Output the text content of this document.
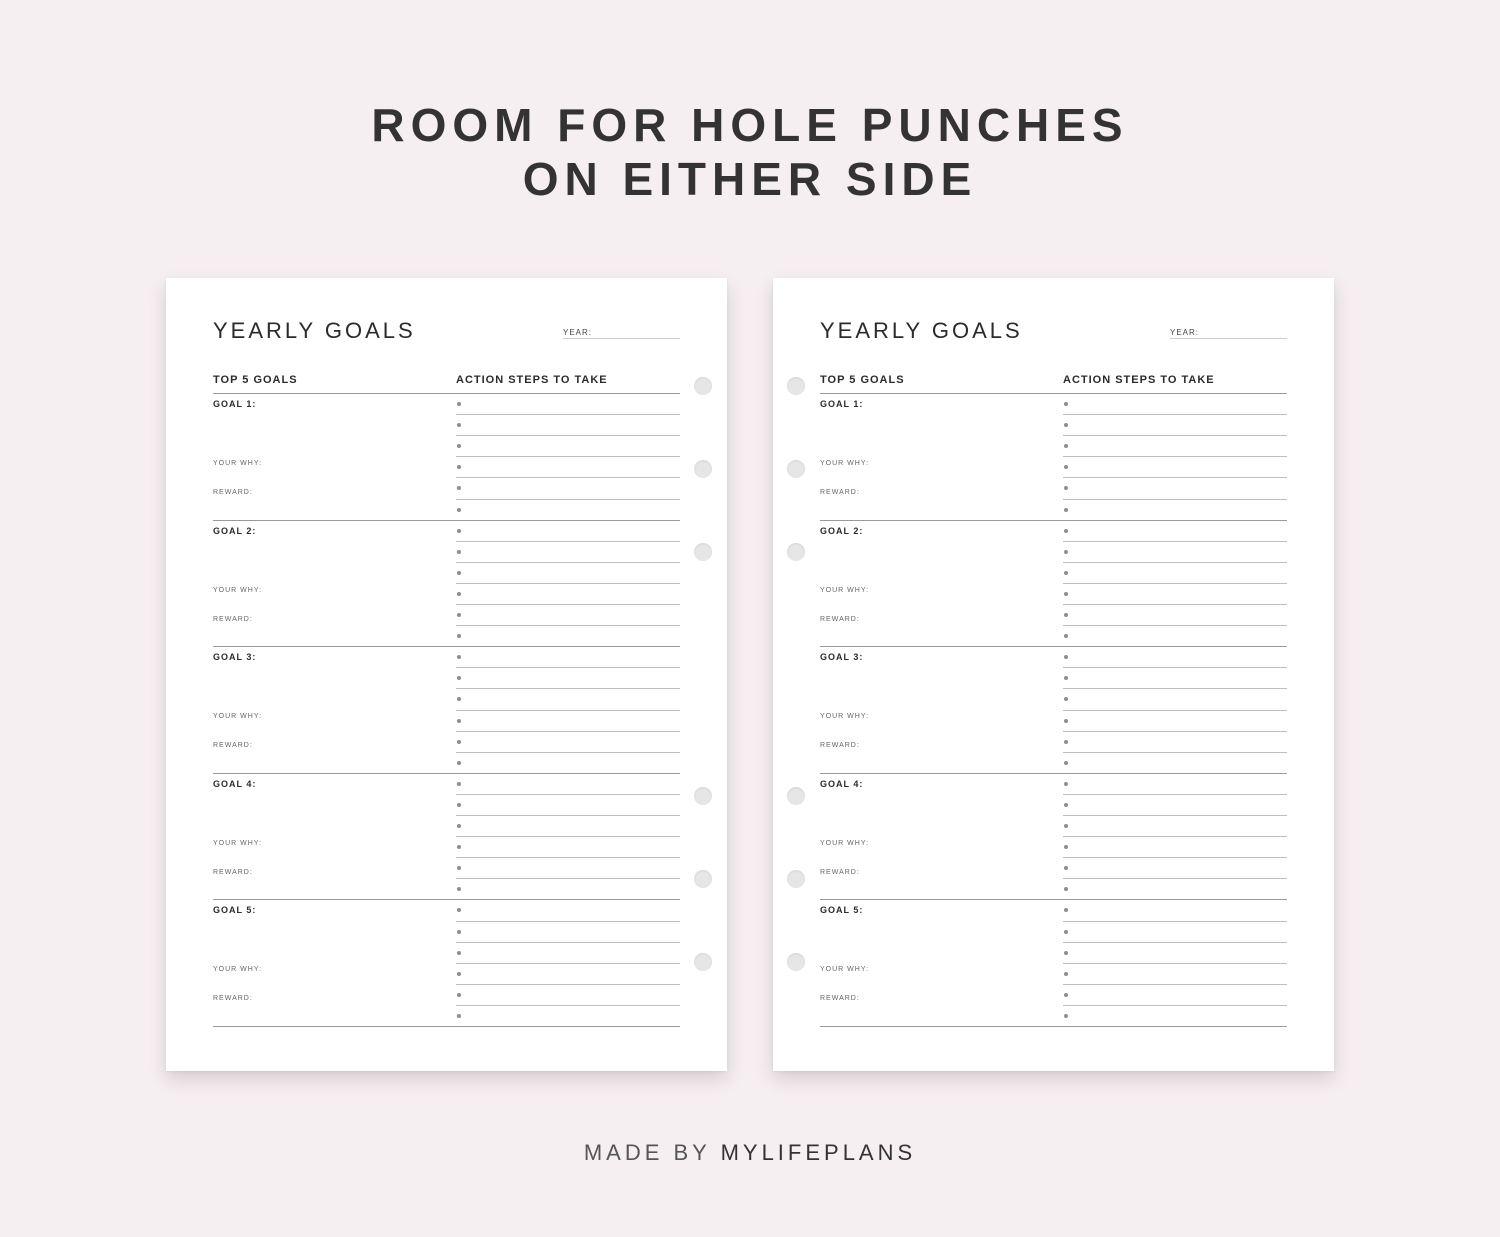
ROOM FOR HOLE PUNCHES
ON EITHER SIDE
YEARLY GOALS	YEAR:
TOP 5 GOALS	ACTION STEPS TO TAKE
GOAL 1:
YOUR WHY:
REWARD:
GOAL 2:
YOUR WHY:
REWARD:
GOAL 3:
YOUR WHY:
REWARD:
GOAL 4:
YOUR WHY:
REWARD:
GOAL 5:
YOUR WHY:
REWARD:
YEARLY GOALS	YEAR:
TOP 5 GOALS	ACTION STEPS TO TAKE
GOAL 1:
YOUR WHY:
REWARD:
GOAL 2:
YOUR WHY:
REWARD:
GOAL 3:
YOUR WHY:
REWARD:
GOAL 4:
YOUR WHY:
REWARD:
GOAL 5:
YOUR WHY:
REWARD:
MADE BY MYLIFEPLANS
